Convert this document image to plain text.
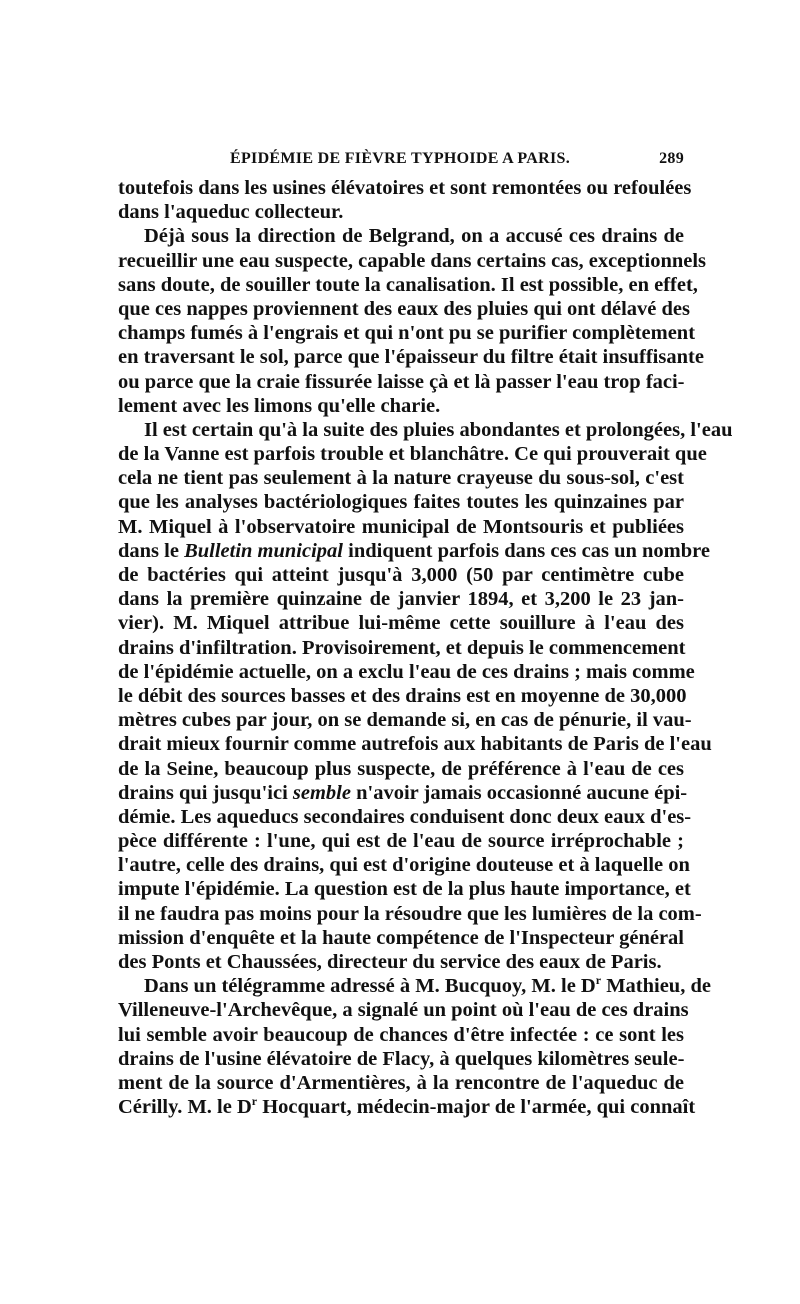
ÉPIDÉMIE DE FIÈVRE TYPHOIDE A PARIS.	289
toutefois dans les usines élévatoires et sont remontées ou refoulées
dans l'aqueduc collecteur.
Déjà sous la direction de Belgrand, on a accusé ces drains de
recueillir une eau suspecte, capable dans certains cas, exceptionnels
sans doute, de souiller toute la canalisation. Il est possible, en effet,
que ces nappes proviennent des eaux des pluies qui ont délavé des
champs fumés à l'engrais et qui n'ont pu se purifier complètement
en traversant le sol, parce que l'épaisseur du filtre était insuffisante
ou parce que la craie fissurée laisse çà et là passer l'eau trop faci-
lement avec les limons qu'elle charie.
Il est certain qu'à la suite des pluies abondantes et prolongées, l'eau
de la Vanne est parfois trouble et blanchâtre. Ce qui prouverait que
cela ne tient pas seulement à la nature crayeuse du sous-sol, c'est
que les analyses bactériologiques faites toutes les quinzaines par
M. Miquel à l'observatoire municipal de Montsouris et publiées
dans le Bulletin municipal indiquent parfois dans ces cas un nombre
de bactéries qui atteint jusqu'à 3,000 (50 par centimètre cube
dans la première quinzaine de janvier 1894, et 3,200 le 23 jan-
vier). M. Miquel attribue lui-même cette souillure à l'eau des
drains d'infiltration. Provisoirement, et depuis le commencement
de l'épidémie actuelle, on a exclu l'eau de ces drains ; mais comme
le débit des sources basses et des drains est en moyenne de 30,000
mètres cubes par jour, on se demande si, en cas de pénurie, il vau-
drait mieux fournir comme autrefois aux habitants de Paris de l'eau
de la Seine, beaucoup plus suspecte, de préférence à l'eau de ces
drains qui jusqu'ici semble n'avoir jamais occasionné aucune épi-
démie. Les aqueducs secondaires conduisent donc deux eaux d'es-
pèce différente : l'une, qui est de l'eau de source irréprochable ;
l'autre, celle des drains, qui est d'origine douteuse et à laquelle on
impute l'épidémie. La question est de la plus haute importance, et
il ne faudra pas moins pour la résoudre que les lumières de la com-
mission d'enquête et la haute compétence de l'Inspecteur général
des Ponts et Chaussées, directeur du service des eaux de Paris.
Dans un télégramme adressé à M. Bucquoy, M. le $D^r$ Mathieu, de
Villeneuve-l'Archevêque, a signalé un point où l'eau de ces drains
lui semble avoir beaucoup de chances d'être infectée : ce sont les
drains de l'usine élévatoire de Flacy, à quelques kilomètres seule-
ment de la source d'Armentières, à la rencontre de l'aqueduc de
Cérilly. M. le $D^r$ Hocquart, médecin-major de l'armée, qui connaît
